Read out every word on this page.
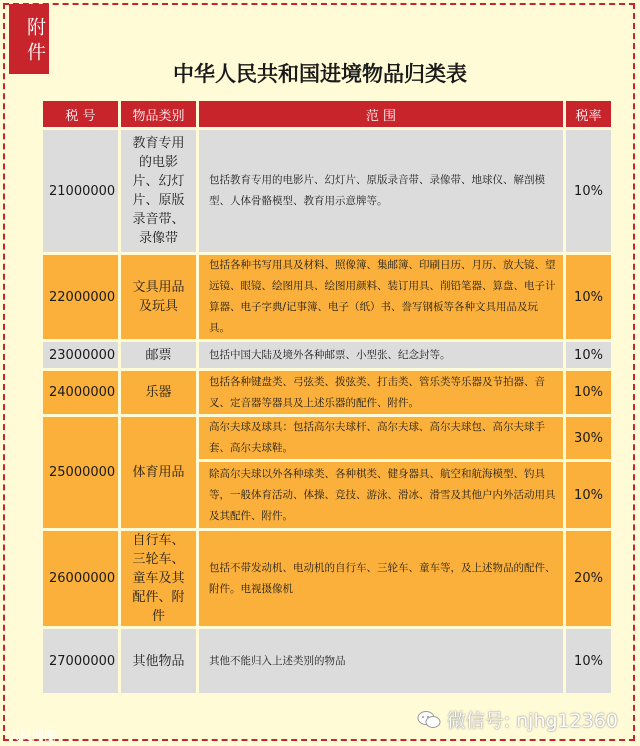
附件
中华人民共和国进境物品归类表
税 号	物品类别	范 围	税率
21000000	教育专用的电影片、幻灯片、原版录音带、录像带	包括教育专用的电影片、幻灯片、原版录音带、录像带、地球仪、解剖模型、人体骨骼模型、教育用示意牌等。	10%
22000000	文具用品及玩具	包括各种书写用具及材料、照像簿、集邮簿、印刷日历、月历、放大镜、望远镜、眼镜、绘图用具、绘图用颜料、装订用具、削铅笔器、算盘、电子计算器、电子字典/记事簿、电子（纸）书、誊写钢板等各种文具用品及玩具。	10%
23000000	邮票	包括中国大陆及境外各种邮票、小型张、纪念封等。	10%
24000000	乐器	包括各种键盘类、弓弦类、拨弦类、打击类、管乐类等乐器及节拍器、音叉、定音器等器具及上述乐器的配件、附件。	10%
25000000	体育用品	高尔夫球及球具：包括高尔夫球杆、高尔夫球、高尔夫球包、高尔夫球手套、高尔夫球鞋。	30%
		除高尔夫球以外各种球类、各种棋类、健身器具、航空和航海模型、钓具等，一般体育活动、体操、竞技、游泳、滑冰、滑雪及其他户内外活动用具及其配件、附件。	10%
26000000	自行车、三轮车、童车及其配件、附件	包括不带发动机、电动机的自行车、三轮车、童车等，及上述物品的配件、附件。电视摄像机	20%
27000000	其他物品	其他不能归入上述类别的物品	10%
人民网图
微信号: njhg12360
